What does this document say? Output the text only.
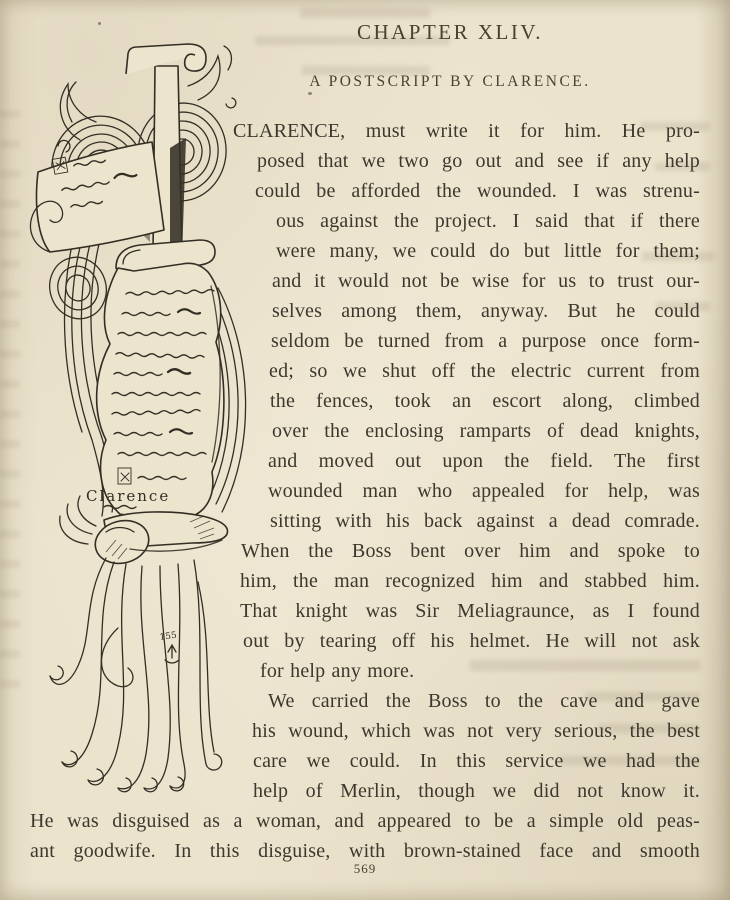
CHAPTER XLIV.
A POSTSCRIPT BY CLARENCE.
Clarence
155
CLARENCE, must write it for him. He pro-
posed that we two go out and see if any help
could be afforded the wounded. I was strenu-
ous against the project. I said that if there
were many, we could do but little for them;
and it would not be wise for us to trust our-
selves among them, anyway. But he could
seldom be turned from a purpose once form-
ed; so we shut off the electric current from
the fences, took an escort along, climbed
over the enclosing ramparts of dead knights,
and moved out upon the field. The first
wounded man who appealed for help, was
sitting with his back against a dead comrade.
When the Boss bent over him and spoke to
him, the man recognized him and stabbed him.
That knight was Sir Meliagraunce, as I found
out by tearing off his helmet. He will not ask
for help any more.
We carried the Boss to the cave and gave
his wound, which was not very serious, the best
care we could. In this service we had the
help of Merlin, though we did not know it.
He was disguised as a woman, and appeared to be a simple old peas-
ant goodwife. In this disguise, with brown-stained face and smooth
569
